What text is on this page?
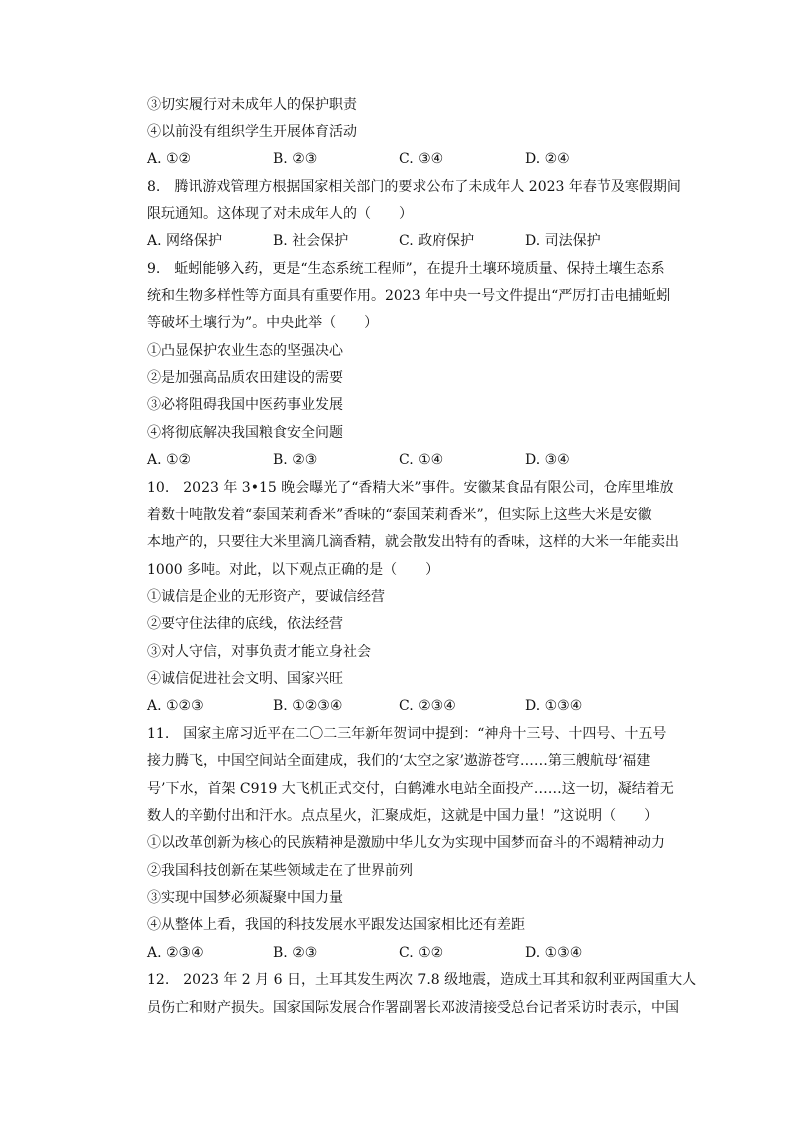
③切实履行对未成年人的保护职责
④以前没有组织学生开展体育活动
A. ①②	B. ②③	C. ③④	D. ②④
8.　腾讯游戏管理方根据国家相关部门的要求公布了未成年人 2023 年春节及寒假期间
限玩通知。这体现了对未成年人的（　　）
A. 网络保护	B. 社会保护	C. 政府保护	D. 司法保护
9.　蚯蚓能够入药，更是“生态系统工程师”，在提升土壤环境质量、保持土壤生态系
统和生物多样性等方面具有重要作用。2023 年中央一号文件提出“严厉打击电捕蚯蚓
等破坏土壤行为”。中央此举（　　）
①凸显保护农业生态的坚强决心
②是加强高品质农田建设的需要
③必将阻碍我国中医药事业发展
④将彻底解决我国粮食安全问题
A. ①②	B. ②③	C. ①④	D. ③④
10.　2023 年 3•15 晚会曝光了“香精大米”事件。安徽某食品有限公司，仓库里堆放
着数十吨散发着“泰国茉莉香米”香味的“泰国茉莉香米”，但实际上这些大米是安徽
本地产的，只要往大米里滴几滴香精，就会散发出特有的香味，这样的大米一年能卖出
1000 多吨。对此，以下观点正确的是（　　）
①诚信是企业的无形资产，要诚信经营
②要守住法律的底线，依法经营
③对人守信，对事负责才能立身社会
④诚信促进社会文明、国家兴旺
A. ①②③	B. ①②③④	C. ②③④	D. ①③④
11.　国家主席习近平在二〇二三年新年贺词中提到：“神舟十三号、十四号、十五号
接力腾飞，中国空间站全面建成，我们的‘太空之家’遨游苍穹……第三艘航母‘福建
号’下水，首架 C919 大飞机正式交付，白鹤滩水电站全面投产……这一切，凝结着无
数人的辛勤付出和汗水。点点星火，汇聚成炬，这就是中国力量！”这说明（　　）
①以改革创新为核心的民族精神是激励中华儿女为实现中国梦而奋斗的不竭精神动力
②我国科技创新在某些领域走在了世界前列
③实现中国梦必须凝聚中国力量
④从整体上看，我国的科技发展水平跟发达国家相比还有差距
A. ②③④	B. ②③	C. ①②	D. ①③④
12.　2023 年 2 月 6 日，土耳其发生两次 7.8 级地震，造成土耳其和叙利亚两国重大人
员伤亡和财产损失。国家国际发展合作署副署长邓波清接受总台记者采访时表示，中国
